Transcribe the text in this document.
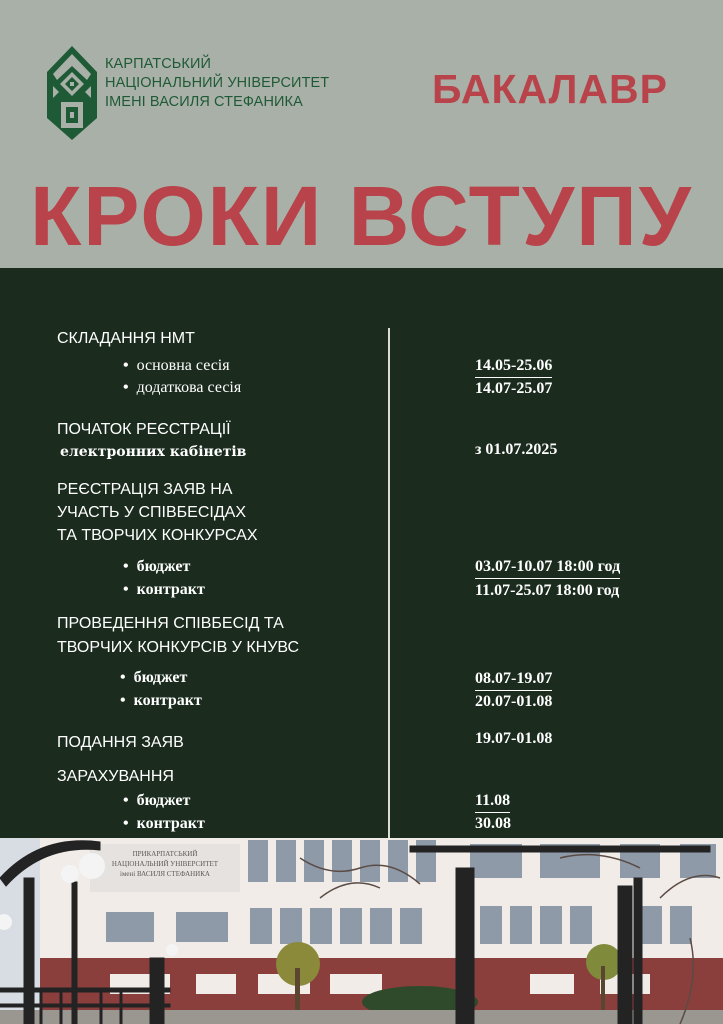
КАРПАТСЬКИЙ
НАЦІОНАЛЬНИЙ УНІВЕРСИТЕТ
ІМЕНІ ВАСИЛЯ СТЕФАНИКА	БАКАЛАВР
КРОКИ ВСТУПУ
СКЛАДАННЯ НМТ
• основна сесія	14.05-25.06
• додаткова сесія	14.07-25.07
ПОЧАТОК РЕЄСТРАЦІЇ
електронних кабінетів	з 01.07.2025
РЕЄСТРАЦІЯ ЗАЯВ НА
УЧАСТЬ У СПІВБЕСІДАХ
ТА ТВОРЧИХ КОНКУРСАХ
• бюджет	03.07-10.07 18:00 год
• контракт	11.07-25.07 18:00 год
ПРОВЕДЕННЯ СПІВБЕСІД ТА
ТВОРЧИХ КОНКУРСІВ У КНУВС
• бюджет	08.07-19.07
• контракт	20.07-01.08
ПОДАННЯ ЗАЯВ	19.07-01.08
ЗАРАХУВАННЯ
• бюджет	11.08
• контракт	30.08
ПРИКАРПАТСЬКИЙ
НАЦІОНАЛЬНИЙ УНІВЕРСИТЕТ
імені ВАСИЛЯ СТЕФАНИКА
